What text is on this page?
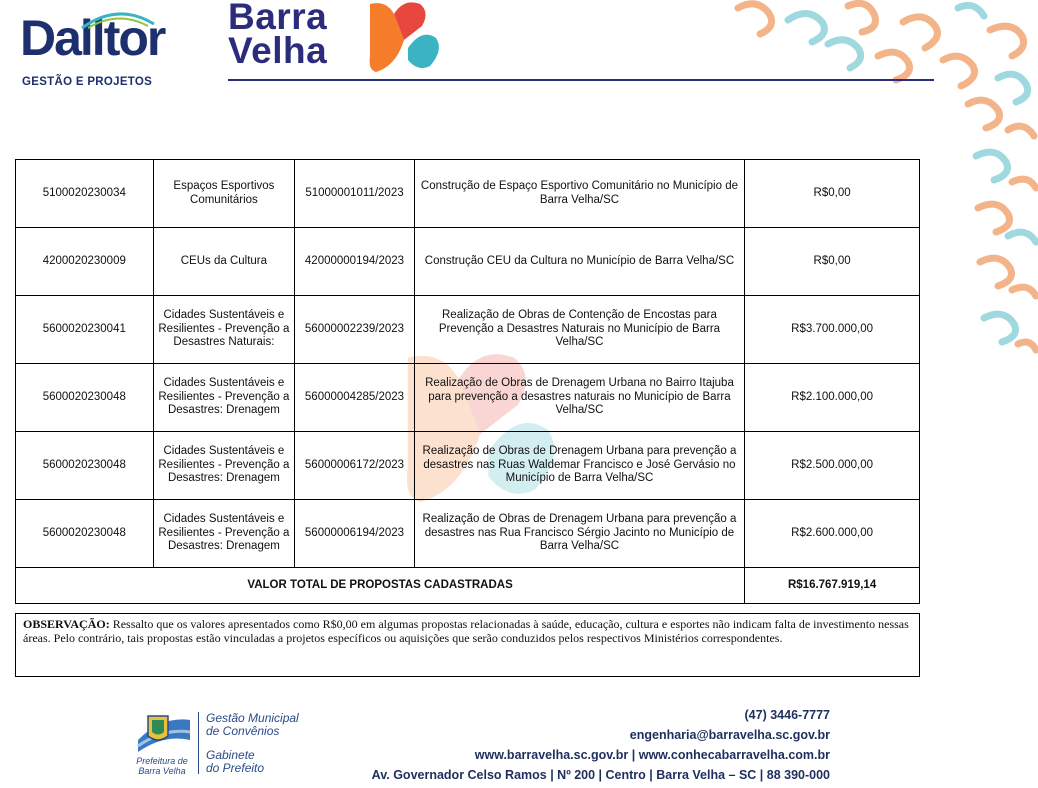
Dalltor
GESTÃO E PROJETOS
Barra
Velha
5100020230034	Espaços Esportivos Comunitários	51000001011/2023	Construção de Espaço Esportivo Comunitário no Município de Barra Velha/SC	R$0,00
4200020230009	CEUs da Cultura	42000000194/2023	Construção CEU da Cultura no Município de Barra Velha/SC	R$0,00
5600020230041	Cidades Sustentáveis e Resilientes - Prevenção a Desastres Naturais:	56000002239/2023	Realização de Obras de Contenção de Encostas para Prevenção a Desastres Naturais no Município de Barra Velha/SC	R$3.700.000,00
5600020230048	Cidades Sustentáveis e Resilientes - Prevenção a Desastres: Drenagem	56000004285/2023	Realização de Obras de Drenagem Urbana no Bairro Itajuba para prevenção a desastres naturais no Município de Barra Velha/SC	R$2.100.000,00
5600020230048	Cidades Sustentáveis e Resilientes - Prevenção a Desastres: Drenagem	56000006172/2023	Realização de Obras de Drenagem Urbana para prevenção a desastres nas Ruas Waldemar Francisco e José Gervásio no Município de Barra Velha/SC	R$2.500.000,00
5600020230048	Cidades Sustentáveis e Resilientes - Prevenção a Desastres: Drenagem	56000006194/2023	Realização de Obras de Drenagem Urbana para prevenção a desastres nas Rua Francisco Sérgio Jacinto no Município de Barra Velha/SC	R$2.600.000,00
VALOR TOTAL DE PROPOSTAS CADASTRADAS				R$16.767.919,14
OBSERVAÇÃO: Ressalto que os valores apresentados como R$0,00 em algumas propostas relacionadas à saúde, educação, cultura e esportes não indicam falta de investimento nessas áreas. Pelo contrário, tais propostas estão vinculadas a projetos específicos ou aquisições que serão conduzidos pelos respectivos Ministérios correspondentes.
Prefeitura de
Barra Velha
Gestão Municipal
de Convênios
Gabinete
do Prefeito
(47) 3446-7777
engenharia@barravelha.sc.gov.br
www.barravelha.sc.gov.br | www.conhecabarravelha.com.br
Av. Governador Celso Ramos | Nº 200 | Centro | Barra Velha – SC | 88 390-000
